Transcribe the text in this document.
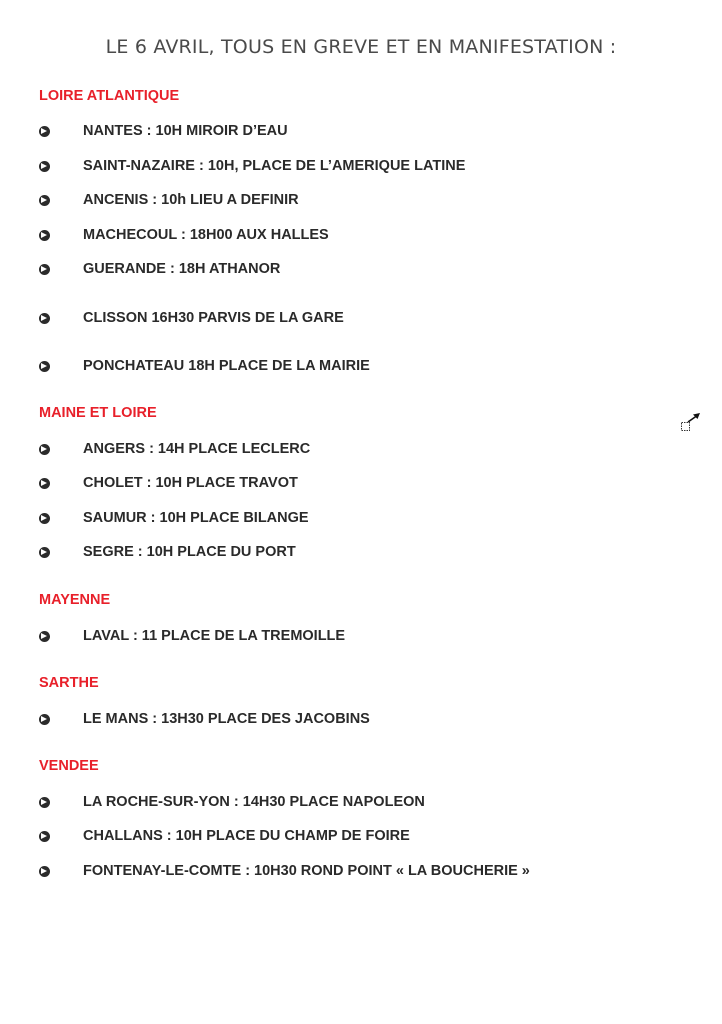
LE 6 AVRIL, TOUS EN GREVE ET EN MANIFESTATION :
LOIRE ATLANTIQUE
NANTES : 10H MIROIR D’EAU
SAINT-NAZAIRE : 10H, PLACE DE L’AMERIQUE LATINE
ANCENIS : 10h LIEU A DEFINIR
MACHECOUL : 18H00 AUX HALLES
GUERANDE : 18H ATHANOR
CLISSON 16H30 PARVIS DE LA GARE
PONCHATEAU 18H PLACE DE LA MAIRIE
MAINE ET LOIRE
ANGERS : 14H PLACE LECLERC
CHOLET : 10H PLACE TRAVOT
SAUMUR : 10H PLACE BILANGE
SEGRE : 10H PLACE DU PORT
MAYENNE
LAVAL : 11 PLACE DE LA TREMOILLE
SARTHE
LE MANS : 13H30 PLACE DES JACOBINS
VENDEE
LA ROCHE-SUR-YON : 14H30 PLACE NAPOLEON
CHALLANS : 10H PLACE DU CHAMP DE FOIRE
FONTENAY-LE-COMTE : 10H30 ROND POINT « LA BOUCHERIE »
